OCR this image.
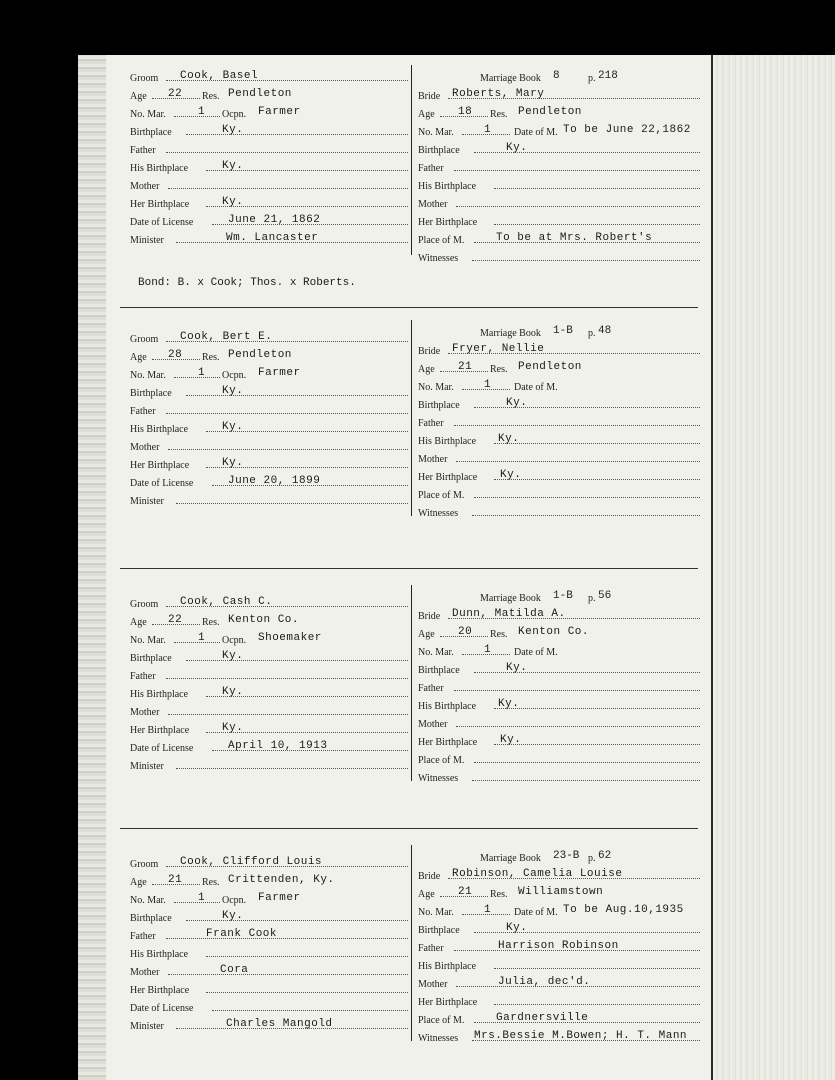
Groom Cook, Basel
Age 22 Res. Pendleton
No. Mar.	1 Ocpn. Farmer
Birthplace	Ky.
Father
His Birthplace	Ky.
Mother
Her Birthplace	Ky.
Date of License	June 21, 1862
Minister	Wm. Lancaster
Marriage Book 8	p. 218
Bride Roberts, Mary
Age 18 Res. Pendleton
No. Mar.	1 Date of M. To be June 22,1862
Birthplace	Ky.
Father
His Birthplace
Mother
Her Birthplace
Place of M.	To be at Mrs. Robert's
Witnesses
Bond: B. x Cook; Thos. x Roberts.
Groom Cook, Bert E.
Age 28 Res. Pendleton
No. Mar.	1 Ocpn. Farmer
Birthplace	Ky.
Father
His Birthplace	Ky.
Mother
Her Birthplace	Ky.
Date of License	June 20, 1899
Minister
Marriage Book 1-B p. 48
Bride Fryer, Nellie
Age 21 Res. Pendleton
No. Mar.	1 Date of M.
Birthplace	Ky.
Father
His Birthplace Ky.
Mother
Her Birthplace Ky.
Place of M.
Witnesses
Groom Cook, Cash C.
Age 22 Res. Kenton Co.
No. Mar.	1 Ocpn. Shoemaker
Birthplace	Ky.
Father
His Birthplace	Ky.
Mother
Her Birthplace	Ky.
Date of License	April 10, 1913
Minister
Marriage Book 1-B p. 56
Bride Dunn, Matilda A.
Age 20 Res. Kenton Co.
No. Mar.	1 Date of M.
Birthplace	Ky.
Father
His Birthplace Ky.
Mother
Her Birthplace Ky.
Place of M.
Witnesses
Groom Cook, Clifford Louis
Age 21 Res. Crittenden, Ky.
No. Mar.	1 Ocpn. Farmer
Birthplace	Ky.
Father	Frank Cook
His Birthplace
Mother	Cora
Her Birthplace
Date of License
Minister	Charles Mangold
Marriage Book 23-B p. 62
Bride Robinson, Camelia Louise
Age 21 Res. Williamstown
No. Mar.	1 Date of M. To be Aug.10,1935
Birthplace	Ky.
Father	Harrison Robinson
His Birthplace
Mother	Julia, dec'd.
Her Birthplace
Place of M.	Gardnersville
Witnesses Mrs.Bessie M.Bowen; H. T. Mann
